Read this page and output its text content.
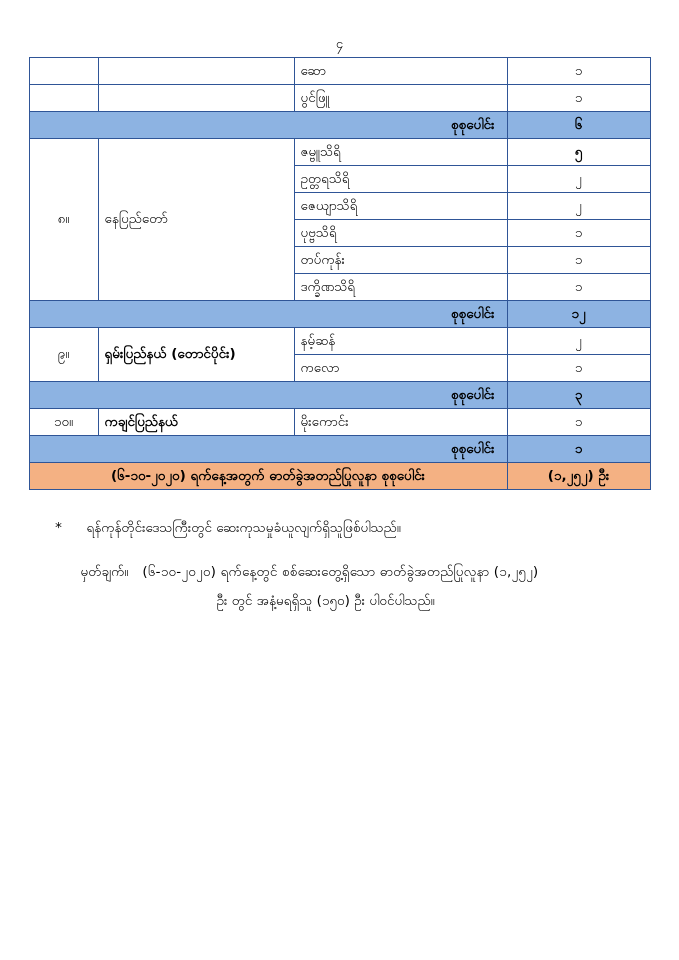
၄
		ဆော	၁
		ပွင်ဖြူ	၁
စုစုပေါင်း			၆
၈။	နေပြည်တော်	ဇမ္ဗူသိရိ	၅
		ဥတ္တရသိရိ	၂
		ဇေယျာသိရိ	၂
		ပုဗ္ဗသိရိ	၁
		တပ်ကုန်း	၁
		ဒက္ခိဏသိရိ	၁
စုစုပေါင်း			၁၂
၉။	ရှမ်းပြည်နယ် (တောင်ပိုင်း)	နမ့်ဆန်	၂
		ကလော	၁
စုစုပေါင်း			၃
၁၀။	ကချင်ပြည်နယ်	မိုးကောင်း	၁
စုစုပေါင်း			၁
(၆-၁၀-၂၀၂၀) ရက်နေ့အတွက် ဓာတ်ခွဲအတည်ပြုလူနာ စုစုပေါင်း			(၁,၂၅၂) ဦး
*	ရန်ကုန်တိုင်းဒေသကြီးတွင် ဆေးကုသမှုခံယူလျက်ရှိသူဖြစ်ပါသည်။
မှတ်ချက်။	(၆-၁၀-၂၀၂၀) ရက်နေ့တွင် စစ်ဆေးတွေ့ရှိသော ဓာတ်ခွဲအတည်ပြုလူနာ (၁,၂၅၂)
ဦး တွင် အနံ့မရရှိသူ (၁၅၀) ဦး ပါဝင်ပါသည်။
